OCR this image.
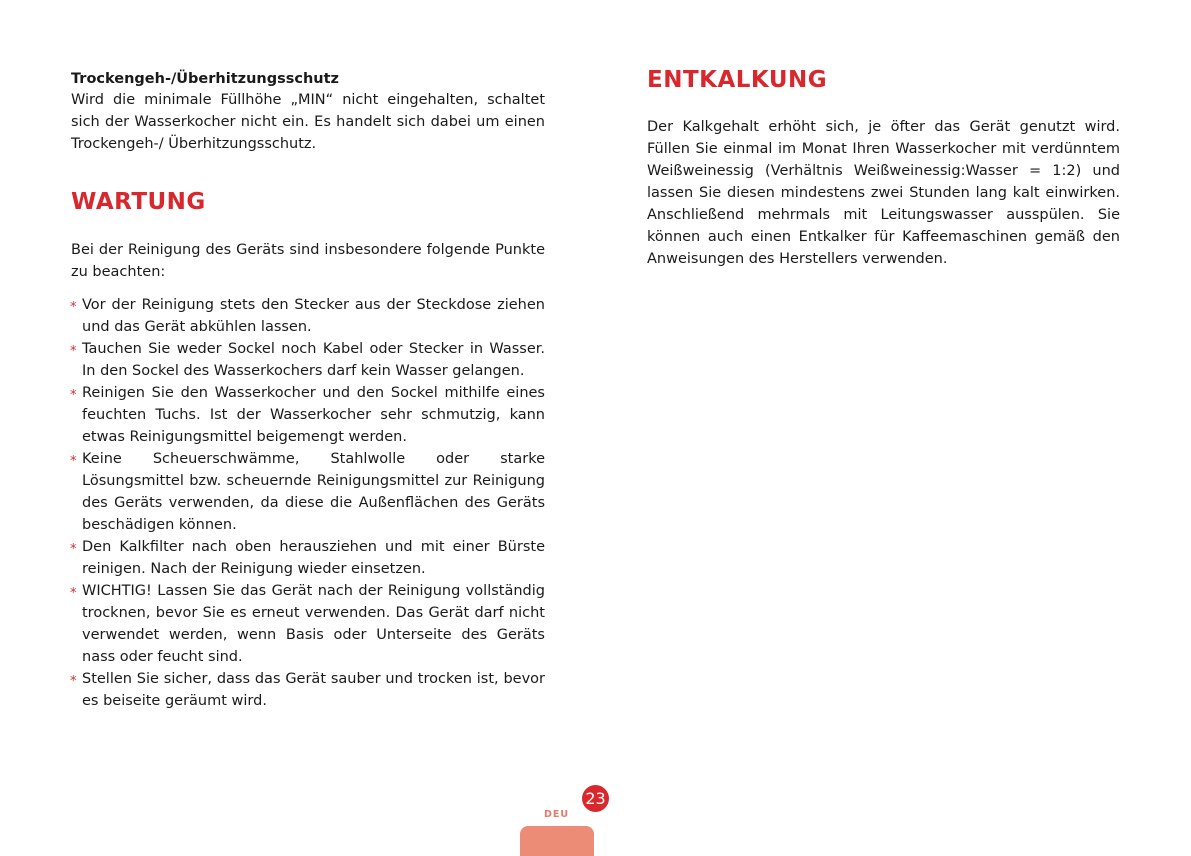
Trockengeh-/Überhitzungsschutz

Wird die minimale Füllhöhe „MIN“ nicht eingehalten, schaltet sich der Wasserkocher nicht ein. Es handelt sich dabei um einen Trockengeh-/ Überhitzungsschutz.

WARTUNG

Bei der Reinigung des Geräts sind insbesondere folgende Punkte zu beachten:

* Vor der Reinigung stets den Stecker aus der Steckdose ziehen und das Gerät abkühlen lassen.
* Tauchen Sie weder Sockel noch Kabel oder Stecker in Wasser. In den Sockel des Wasserkochers darf kein Wasser gelangen.
* Reinigen Sie den Wasserkocher und den Sockel mithilfe eines feuchten Tuchs. Ist der Wasserkocher sehr schmutzig, kann etwas Reinigungsmittel beigemengt werden.
* Keine Scheuerschwämme, Stahlwolle oder starke Lösungsmittel bzw. scheuernde Reinigungsmittel zur Reinigung des Geräts verwenden, da diese die Außenflächen des Geräts beschädigen können.
* Den Kalkfilter nach oben herausziehen und mit einer Bürste reinigen. Nach der Reinigung wieder einsetzen.
* WICHTIG! Lassen Sie das Gerät nach der Reinigung vollständig trocknen, bevor Sie es erneut verwenden. Das Gerät darf nicht verwendet werden, wenn Basis oder Unterseite des Geräts nass oder feucht sind.
* Stellen Sie sicher, dass das Gerät sauber und trocken ist, bevor es beiseite geräumt wird.
ENTKALKUNG

Der Kalkgehalt erhöht sich, je öfter das Gerät genutzt wird. Füllen Sie einmal im Monat Ihren Wasserkocher mit verdünntem Weißweinessig (Verhältnis Weißweinessig:Wasser = 1:2) und lassen Sie diesen mindestens zwei Stunden lang kalt einwirken. Anschließend mehrmals mit Leitungswasser ausspülen. Sie können auch einen Entkalker für Kaffeemaschinen gemäß den Anweisungen des Herstellers verwenden.

DEU
23
